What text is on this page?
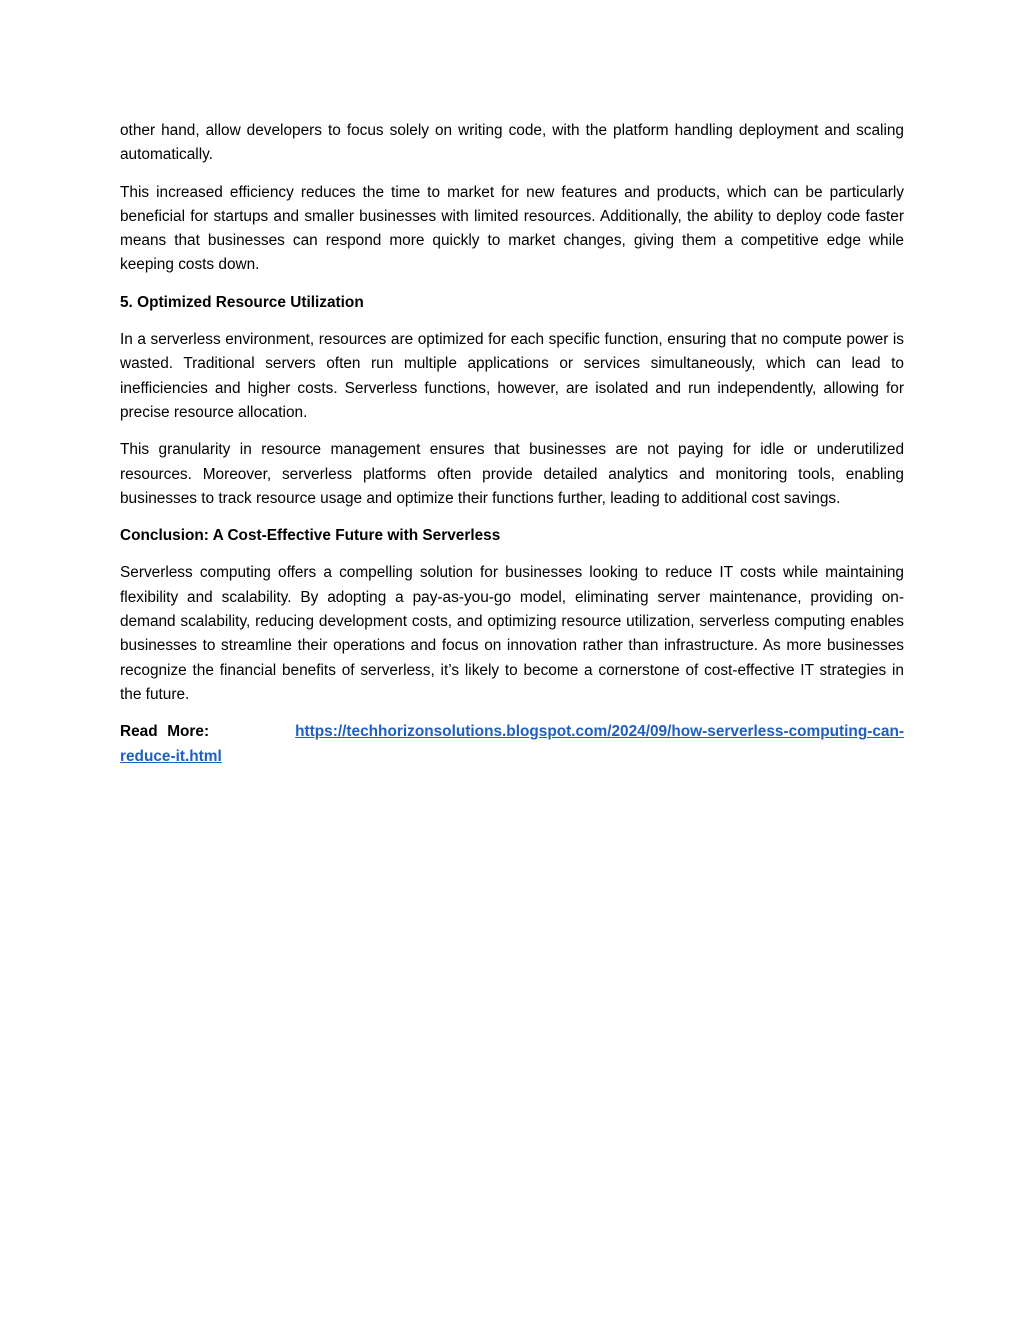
other hand, allow developers to focus solely on writing code, with the platform handling deployment and scaling automatically.

This increased efficiency reduces the time to market for new features and products, which can be particularly beneficial for startups and smaller businesses with limited resources. Additionally, the ability to deploy code faster means that businesses can respond more quickly to market changes, giving them a competitive edge while keeping costs down.

5. Optimized Resource Utilization

In a serverless environment, resources are optimized for each specific function, ensuring that no compute power is wasted. Traditional servers often run multiple applications or services simultaneously, which can lead to inefficiencies and higher costs. Serverless functions, however, are isolated and run independently, allowing for precise resource allocation.

This granularity in resource management ensures that businesses are not paying for idle or underutilized resources. Moreover, serverless platforms often provide detailed analytics and monitoring tools, enabling businesses to track resource usage and optimize their functions further, leading to additional cost savings.

Conclusion: A Cost-Effective Future with Serverless

Serverless computing offers a compelling solution for businesses looking to reduce IT costs while maintaining flexibility and scalability. By adopting a pay-as-you-go model, eliminating server maintenance, providing on-demand scalability, reducing development costs, and optimizing resource utilization, serverless computing enables businesses to streamline their operations and focus on innovation rather than infrastructure. As more businesses recognize the financial benefits of serverless, it’s likely to become a cornerstone of cost-effective IT strategies in the future.

Read More:	https://techhorizonsolutions.blogspot.com/2024/09/how-serverless-computing-can-reduce-it.html
